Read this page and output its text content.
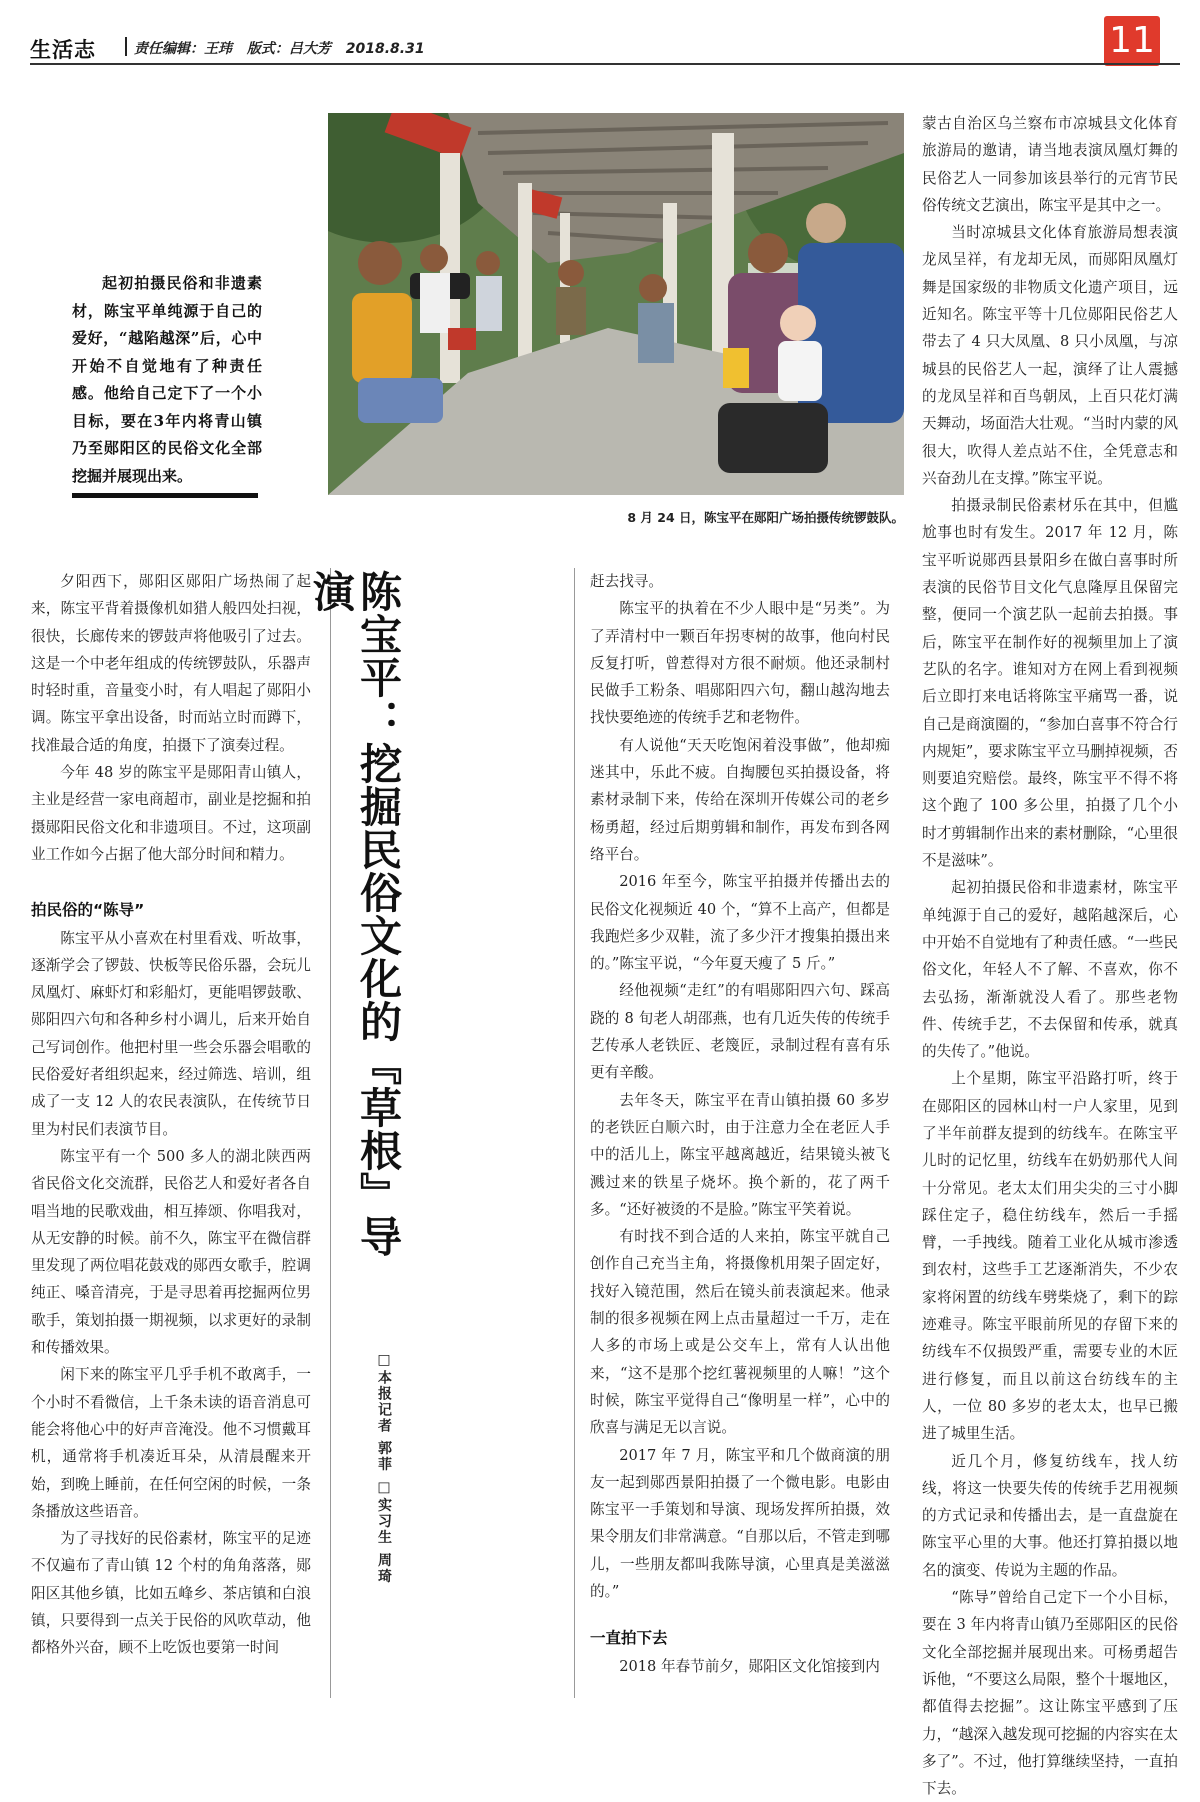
生活志	责任编辑：王玮 版式：吕大芳 2018.8.31	11
8 月 24 日，陈宝平在郧阳广场拍摄传统锣鼓队。
起初拍摄民俗和非遗素材，陈宝平单纯源于自己的爱好，“越陷越深”后，心中开始不自觉地有了种责任感。他给自己定下了一个小目标，要在3年内将青山镇乃至郧阳区的民俗文化全部挖掘并展现出来。

夕阳西下，郧阳区郧阳广场热闹了起来，陈宝平背着摄像机如猎人般四处扫视，很快，长廊传来的锣鼓声将他吸引了过去。这是一个中老年组成的传统锣鼓队，乐器声时轻时重，音量变小时，有人唱起了郧阳小调。陈宝平拿出设备，时而站立时而蹲下，找准最合适的角度，拍摄下了演奏过程。

今年 48 岁的陈宝平是郧阳青山镇人，主业是经营一家电商超市，副业是挖掘和拍摄郧阳民俗文化和非遗项目。不过，这项副业工作如今占据了他大部分时间和精力。

拍民俗的“陈导”

陈宝平从小喜欢在村里看戏、听故事，逐渐学会了锣鼓、快板等民俗乐器，会玩儿凤凰灯、麻虾灯和彩船灯，更能唱锣鼓歌、郧阳四六句和各种乡村小调儿，后来开始自己写词创作。他把村里一些会乐器会唱歌的民俗爱好者组织起来，经过筛选、培训，组成了一支 12 人的农民表演队，在传统节日里为村民们表演节目。

陈宝平有一个 500 多人的湖北陕西两省民俗文化交流群，民俗艺人和爱好者各自唱当地的民歌戏曲，相互捧颂、你唱我对，从无安静的时候。前不久，陈宝平在微信群里发现了两位唱花鼓戏的郧西女歌手，腔调纯正、嗓音清亮，于是寻思着再挖掘两位男歌手，策划拍摄一期视频，以求更好的录制和传播效果。

闲下来的陈宝平几乎手机不敢离手，一个小时不看微信，上千条未读的语音消息可能会将他心中的好声音淹没。他不习惯戴耳机，通常将手机凑近耳朵，从清晨醒来开始，到晚上睡前，在任何空闲的时候，一条条播放这些语音。

为了寻找好的民俗素材，陈宝平的足迹不仅遍布了青山镇 12 个村的角角落落，郧阳区其他乡镇，比如五峰乡、茶店镇和白浪镇，只要得到一点关于民俗的风吹草动，他都格外兴奋，顾不上吃饭也要第一时间

陈宝平：挖掘民俗文化的『草根』导演
□本报记者 郭菲 □实习生 周琦

赶去找寻。

陈宝平的执着在不少人眼中是“另类”。为了弄清村中一颗百年拐枣树的故事，他向村民反复打听，曾惹得对方很不耐烦。他还录制村民做手工粉条、唱郧阳四六句，翻山越沟地去找快要绝迹的传统手艺和老物件。

有人说他“天天吃饱闲着没事做”，他却痴迷其中，乐此不疲。自掏腰包买拍摄设备，将素材录制下来，传给在深圳开传媒公司的老乡杨勇超，经过后期剪辑和制作，再发布到各网络平台。

2016 年至今，陈宝平拍摄并传播出去的民俗文化视频近 40 个，“算不上高产，但都是我跑烂多少双鞋，流了多少汗才搜集拍摄出来的。”陈宝平说，“今年夏天瘦了 5 斤。”

经他视频“走红”的有唱郧阳四六句、踩高跷的 8 旬老人胡邵燕，也有几近失传的传统手艺传承人老铁匠、老篾匠，录制过程有喜有乐更有辛酸。

去年冬天，陈宝平在青山镇拍摄 60 多岁的老铁匠白顺六时，由于注意力全在老匠人手中的活儿上，陈宝平越离越近，结果镜头被飞溅过来的铁星子烧坏。换个新的，花了两千多。“还好被烫的不是脸。”陈宝平笑着说。

有时找不到合适的人来拍，陈宝平就自己创作自己充当主角，将摄像机用架子固定好，找好入镜范围，然后在镜头前表演起来。他录制的很多视频在网上点击量超过一千万，走在人多的市场上或是公交车上，常有人认出他来，“这不是那个挖红薯视频里的人嘛！”这个时候，陈宝平觉得自己“像明星一样”，心中的欣喜与满足无以言说。

2017 年 7 月，陈宝平和几个做商演的朋友一起到郧西景阳拍摄了一个微电影。电影由陈宝平一手策划和导演、现场发挥所拍摄，效果令朋友们非常满意。“自那以后，不管走到哪儿，一些朋友都叫我陈导演，心里真是美滋滋的。”

一直拍下去

2018 年春节前夕，郧阳区文化馆接到内

蒙古自治区乌兰察布市凉城县文化体育旅游局的邀请，请当地表演凤凰灯舞的民俗艺人一同参加该县举行的元宵节民俗传统文艺演出，陈宝平是其中之一。

当时凉城县文化体育旅游局想表演龙凤呈祥，有龙却无凤，而郧阳凤凰灯舞是国家级的非物质文化遗产项目，远近知名。陈宝平等十几位郧阳民俗艺人带去了 4 只大凤凰、8 只小凤凰，与凉城县的民俗艺人一起，演绎了让人震撼的龙凤呈祥和百鸟朝凤，上百只花灯满天舞动，场面浩大壮观。“当时内蒙的风很大，吹得人差点站不住，全凭意志和兴奋劲儿在支撑。”陈宝平说。

拍摄录制民俗素材乐在其中，但尴尬事也时有发生。2017 年 12 月，陈宝平听说郧西县景阳乡在做白喜事时所表演的民俗节目文化气息隆厚且保留完整，便同一个演艺队一起前去拍摄。事后，陈宝平在制作好的视频里加上了演艺队的名字。谁知对方在网上看到视频后立即打来电话将陈宝平痛骂一番，说自己是商演圈的，“参加白喜事不符合行内规矩”，要求陈宝平立马删掉视频，否则要追究赔偿。最终，陈宝平不得不将这个跑了 100 多公里，拍摄了几个小时才剪辑制作出来的素材删除，“心里很不是滋味”。

起初拍摄民俗和非遗素材，陈宝平单纯源于自己的爱好，越陷越深后，心中开始不自觉地有了种责任感。“一些民俗文化，年轻人不了解、不喜欢，你不去弘扬，渐渐就没人看了。那些老物件、传统手艺，不去保留和传承，就真的失传了。”他说。

上个星期，陈宝平沿路打听，终于在郧阳区的园林山村一户人家里，见到了半年前群友提到的纺线车。在陈宝平儿时的记忆里，纺线车在奶奶那代人间十分常见。老太太们用尖尖的三寸小脚踩住定子，稳住纺线车，然后一手摇臂，一手拽线。随着工业化从城市渗透到农村，这些手工艺逐渐消失，不少农家将闲置的纺线车劈柴烧了，剩下的踪迹难寻。陈宝平眼前所见的存留下来的纺线车不仅损毁严重，需要专业的木匠进行修复，而且以前这台纺线车的主人，一位 80 多岁的老太太，也早已搬进了城里生活。

近几个月，修复纺线车，找人纺线，将这一快要失传的传统手艺用视频的方式记录和传播出去，是一直盘旋在陈宝平心里的大事。他还打算拍摄以地名的演变、传说为主题的作品。

“陈导”曾给自己定下一个小目标，要在 3 年内将青山镇乃至郧阳区的民俗文化全部挖掘并展现出来。可杨勇超告诉他，“不要这么局限，整个十堰地区，都值得去挖掘”。这让陈宝平感到了压力，“越深入越发现可挖掘的内容实在太多了”。不过，他打算继续坚持，一直拍下去。
